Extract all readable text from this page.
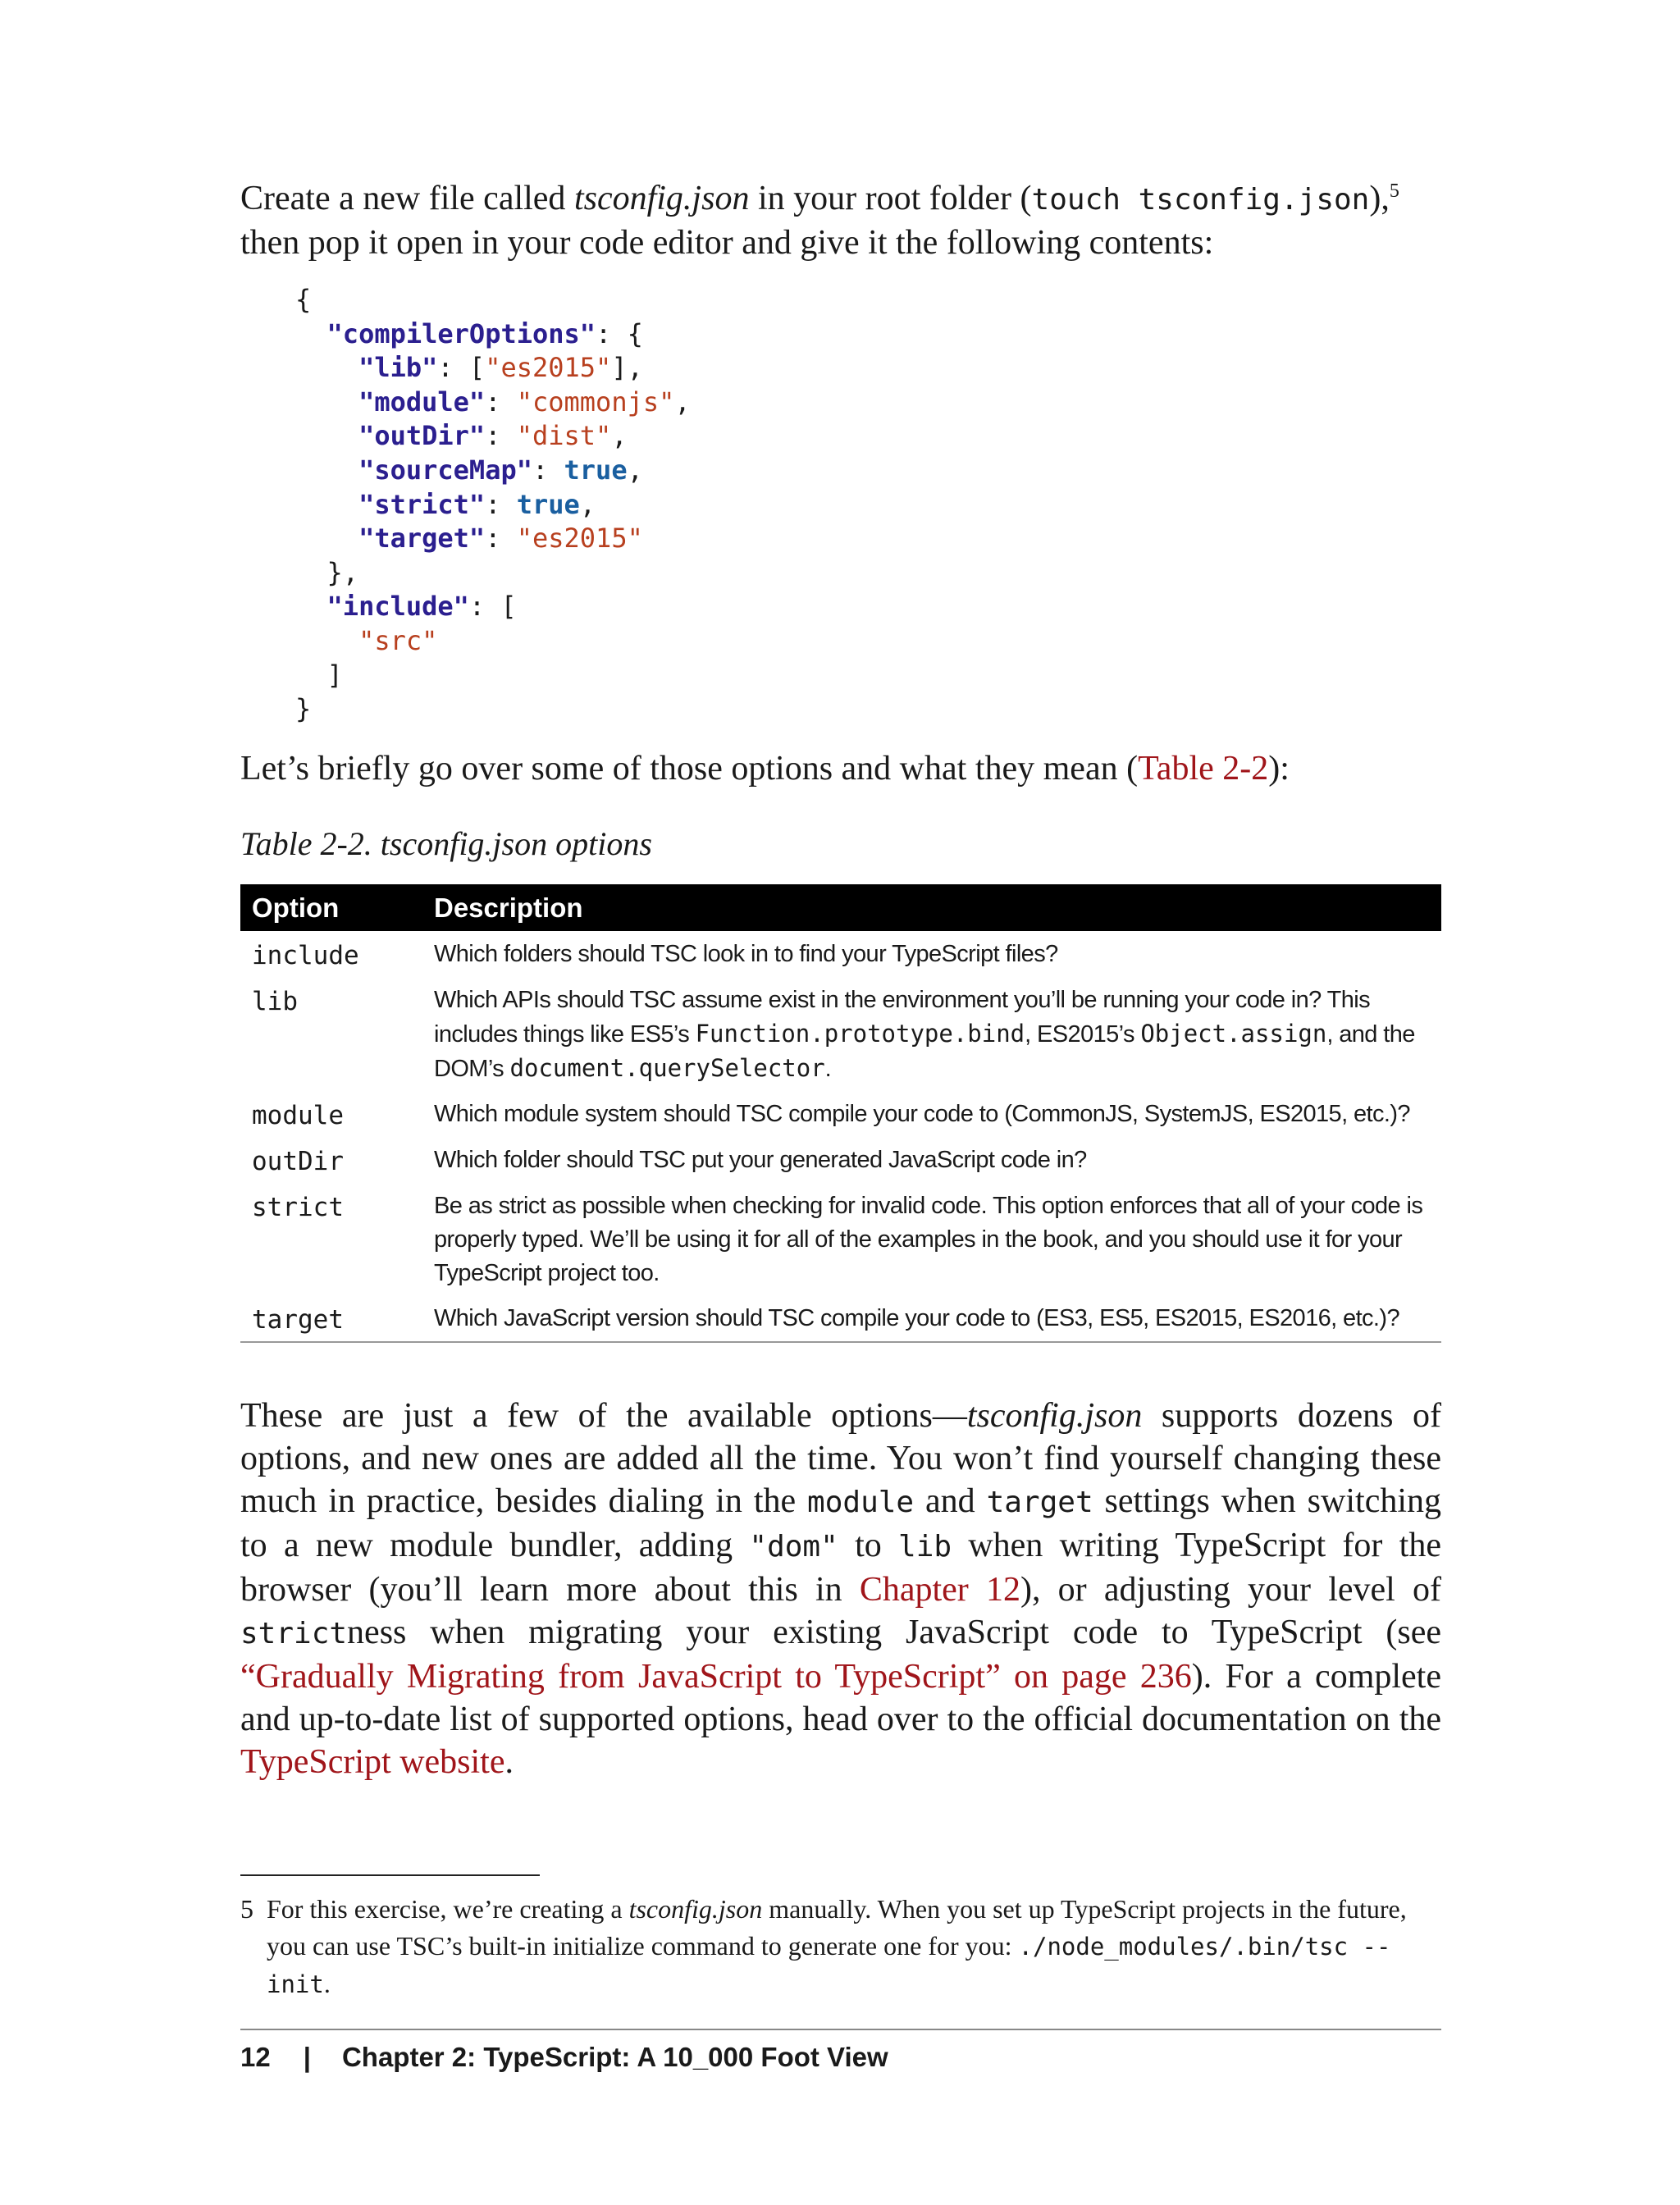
Create a new file called tsconfig.json in your root folder (touch tsconfig.json),$^5$
then pop it open in your code editor and give it the following contents:

{
"compilerOptions": {
"lib": ["es2015"],
"module": "commonjs",
"outDir": "dist",
"sourceMap": true,
"strict": true,
"target": "es2015"
},
"include": [
"src"
]
}

Let’s briefly go over some of those options and what they mean (Table 2-2):

Table 2-2. tsconfig.json options
Option	Description
include	Which folders should TSC look in to find your TypeScript files?
lib	Which APIs should TSC assume exist in the environment you’ll be running your code in? This includes things like ES5’s Function.prototype.bind, ES2015’s Object.assign, and the DOM’s document.querySelector.
module	Which module system should TSC compile your code to (CommonJS, SystemJS, ES2015, etc.)?
outDir	Which folder should TSC put your generated JavaScript code in?
strict	Be as strict as possible when checking for invalid code. This option enforces that all of your code is properly typed. We’ll be using it for all of the examples in the book, and you should use it for your TypeScript project too.
target	Which JavaScript version should TSC compile your code to (ES3, ES5, ES2015, ES2016, etc.)?

These are just a few of the available options—tsconfig.json supports dozens of options, and new ones are added all the time. You won’t find yourself changing these much in practice, besides dialing in the module and target settings when switching to a new module bundler, adding "dom" to lib when writing TypeScript for the browser (you’ll learn more about this in Chapter 12), or adjusting your level of strictness when migrating your existing JavaScript code to TypeScript (see “Gradually Migrating from JavaScript to TypeScript” on page 236). For a complete and up-to-date list of supported options, head over to the official documentation on the TypeScript website.

5 For this exercise, we’re creating a tsconfig.json manually. When you set up TypeScript projects in the future, you can use TSC’s built-in initialize command to generate one for you: ./node_modules/.bin/tsc --init.
12 | Chapter 2: TypeScript: A 10_000 Foot View
